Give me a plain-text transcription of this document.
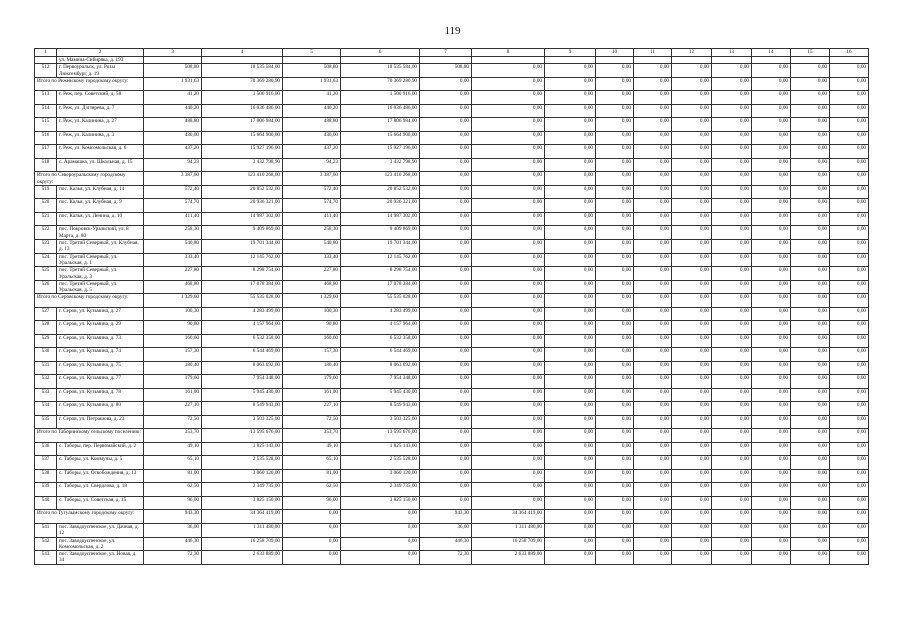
119
1	2	3	4	5	6	7	8	9	10	11	12	13	14	15	16
	ул. Мамина-Сибиряка, д. 193														
512	г. Первоуральск, ул. Розы Люксембург, д. 19	508,80	18 535 584,00	508,80	18 535 584,00	508,80	0,00	0,00	0,00	0,00	0,00	0,00	0,00	0,00	0,00
Итого по Режевскому городскому округу:		1 931,63	70 369 280,90	1 931,63	70 369 280,90	0,00	0,00	0,00	0,00	0,00	0,00	0,00	0,00	0,00	0,00
513	г. Реж, пер. Советский, д. 58	41,20	1 500 916,00	41,20	1 500 916,00	0,00	0,00	0,00	0,00	0,00	0,00	0,00	0,00	0,00	0,00
514	г. Реж, ул. Дзгтярева, д. 7	440,20	16 036 486,00	440,20	16 036 486,00	0,00	0,00	0,00	0,00	0,00	0,00	0,00	0,00	0,00	0,00
515	г. Реж, ул. Калинина, д. 27	488,80	17 806 984,00	488,80	17 806 984,00	0,00	0,00	0,00	0,00	0,00	0,00	0,00	0,00	0,00	0,00
516	г. Реж, ул. Калинина, д. 3	430,00	15 664 900,00	430,00	15 664 900,00	0,00	0,00	0,00	0,00	0,00	0,00	0,00	0,00	0,00	0,00
517	г. Реж, ул. Комсомольская, д. 6	437,20	15 927 196,00	437,20	15 927 196,00	0,00	0,00	0,00	0,00	0,00	0,00	0,00	0,00	0,00	0,00
518	с. Арамашка, ул. Школьная, д. 15	94,23	3 432 798,90	94,23	3 432 798,90	0,00	0,00	0,00	0,00	0,00	0,00	0,00	0,00	0,00	0,00
Итого по Североуральскому городскому округу:		3 387,60	123 410 268,00	3 387,60	123 410 268,00	0,00	0,00	0,00	0,00	0,00	0,00	0,00	0,00	0,00	0,00
519	пос. Калья, ул. Клубная, д. 14	572,40	20 852 532,00	572,40	20 852 532,00	0,00	0,00	0,00	0,00	0,00	0,00	0,00	0,00	0,00	0,00
520	пос. Калья, ул. Клубная, д. 9	574,70	20 936 321,00	574,70	20 936 321,00	0,00	0,00	0,00	0,00	0,00	0,00	0,00	0,00	0,00	0,00
521	пос. Калья, ул. Ленина, д. 10	411,40	14 987 302,00	411,40	14 987 302,00	0,00	0,00	0,00	0,00	0,00	0,00	0,00	0,00	0,00	0,00
522	пос. Покровск-Уральский, ул. 8 Марта, д. 80	258,30	9 409 869,00	258,30	9 409 869,00	0,00	0,00	0,00	0,00	0,00	0,00	0,00	0,00	0,00	0,00
523	пос. Третий Северный, ул. Клубная, д. 13	540,80	19 701 344,00	540,80	19 701 344,00	0,00	0,00	0,00	0,00	0,00	0,00	0,00	0,00	0,00	0,00
524	пос. Третий Северный, ул. Уральская, д. 1	333,40	12 145 762,00	333,40	12 145 762,00	0,00	0,00	0,00	0,00	0,00	0,00	0,00	0,00	0,00	0,00
525	пос. Третий Северный, ул. Уральская, д. 3	227,80	8 298 754,00	227,80	8 298 754,00	0,00	0,00	0,00	0,00	0,00	0,00	0,00	0,00	0,00	0,00
526	пос. Третий Северный, ул. Уральская, д. 5	468,80	17 078 384,00	468,80	17 078 384,00	0,00	0,00	0,00	0,00	0,00	0,00	0,00	0,00	0,00	0,00
Итого по Серовскому городскому округу:		1 329,60	55 535 028,00	1 329,60	55 535 028,00	0,00	0,00	0,00	0,00	0,00	0,00	0,00	0,00	0,00	0,00
527	г. Серов, ул. Кузьмина, д. 27	100,30	4 283 499,00	100,30	4 283 499,00	0,00	0,00	0,00	0,00	0,00	0,00	0,00	0,00	0,00	0,00
528	г. Серов, ул. Кузьмина, д. 29	90,80	4 157 964,00	90,80	4 157 964,00	0,00	0,00	0,00	0,00	0,00	0,00	0,00	0,00	0,00	0,00
529	г. Серов, ул. Кузьмина, д. 73	160,60	6 532 358,00	160,60	6 532 358,00	0,00	0,00	0,00	0,00	0,00	0,00	0,00	0,00	0,00	0,00
530	г. Серов, ул. Кузьмина, д. 74	157,30	6 544 469,00	157,30	6 544 469,00	0,00	0,00	0,00	0,00	0,00	0,00	0,00	0,00	0,00	0,00
531	г. Серов, ул. Кузьмина, д. 75	180,40	8 063 692,00	180,40	8 063 692,00	0,00	0,00	0,00	0,00	0,00	0,00	0,00	0,00	0,00	0,00
532	г. Серов, ул. Кузьмина, д. 77	179,60	7 954 348,00	179,60	7 954 348,00	0,00	0,00	0,00	0,00	0,00	0,00	0,00	0,00	0,00	0,00
533	г. Серов, ул. Кузьмина, д. 78	161,00	5 945 430,00	161,00	5 945 430,00	0,00	0,00	0,00	0,00	0,00	0,00	0,00	0,00	0,00	0,00
534	г. Серов, ул. Кузьмина, д. 80	227,10	8 549 943,00	227,10	8 549 943,00	0,00	0,00	0,00	0,00	0,00	0,00	0,00	0,00	0,00	0,00
535	г. Серов, ул. Петрашова, д. 23	72,50	3 503 325,00	72,50	3 503 325,00	0,00	0,00	0,00	0,00	0,00	0,00	0,00	0,00	0,00	0,00
Итого по Таборинскому сельскому поселению:		353,70	13 595 676,00	353,70	13 595 676,00	0,00	0,00	0,00	0,00	0,00	0,00	0,00	0,00	0,00	0,00
536	с. Таборы, пер. Первомайский, д. 2	49,10	1 825 143,00	49,10	1 825 143,00	0,00	0,00	0,00	0,00	0,00	0,00	0,00	0,00	0,00	0,00
537	с. Таборы, ул. Коммуны, д. 5	65,10	2 535 528,00	65,10	2 535 528,00	0,00	0,00	0,00	0,00	0,00	0,00	0,00	0,00	0,00	0,00
538	с. Таборы, ул. Освобождения, д. 13	81,00	3 060 120,00	81,00	3 060 120,00	0,00	0,00	0,00	0,00	0,00	0,00	0,00	0,00	0,00	0,00
539	с. Таборы, ул. Свердлова, д. 18	62,50	2 349 735,00	62,50	2 349 735,00	0,00	0,00	0,00	0,00	0,00	0,00	0,00	0,00	0,00	0,00
540	с. Таборы, ул. Советская, д. 15	96,00	3 825 150,00	96,00	3 825 150,00	0,00	0,00	0,00	0,00	0,00	0,00	0,00	0,00	0,00	0,00
Итого по Тугулымскому городскому округу:		943,30	34 364 419,00	0,00	0,00	943,30	34 364 419,00	0,00	0,00	0,00	0,00	0,00	0,00	0,00	0,00
541	пос. Заводоуспенское, ул. Дачная, д. 12	36,00	1 311 480,00	0,00	0,00	36,00	1 311 480,00	0,00	0,00	0,00	0,00	0,00	0,00	0,00	0,00
542	пос. Заводоуспенское, ул. Комсомольская, д. 2	446,30	16 258 709,00	0,00	0,00	446,30	16 258 709,00	0,00	0,00	0,00	0,00	0,00	0,00	0,00	0,00
543	пос. Заводоуспенское, ул. Новая, д. 34	72,30	2 633 889,00	0,00	0,00	72,30	2 633 889,00	0,00	0,00	0,00	0,00	0,00	0,00	0,00	0,00
